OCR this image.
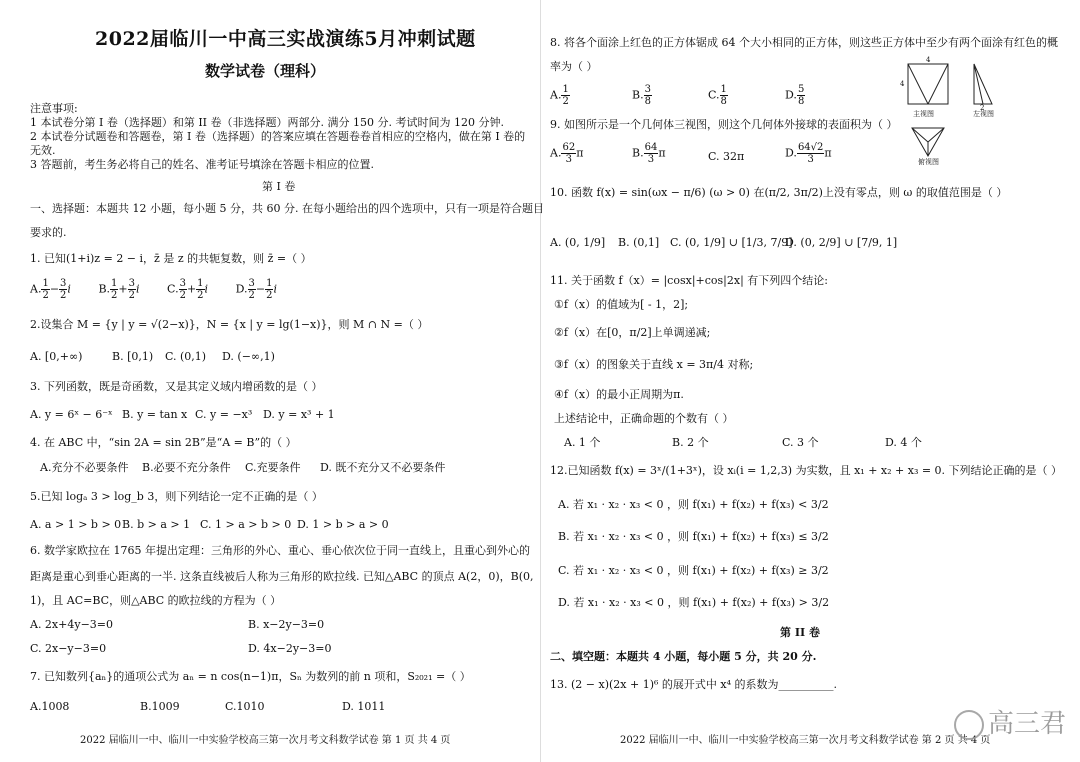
2022届临川一中高三实战演练5月冲刺试题
数学试卷（理科）
注意事项:
1 本试卷分第 I 卷（选择题）和第 II 卷（非选择题）两部分. 满分 150 分. 考试时间为 120 分钟.
2 本试卷分试题卷和答题卷，第 I 卷（选择题）的答案应填在答题卷卷首相应的空格内，做在第 I 卷的
无效.
3 答题前，考生务必将自己的姓名、准考证号填涂在答题卡相应的位置.
第 I 卷
一、选择题：本题共 12 小题，每小题 5 分，共 60 分. 在每小题给出的四个选项中，只有一项是符合题目
要求的.
1. 已知(1+i)z = 2 − i，z̄ 是 z 的共轭复数，则 z̄ =（ ）
A. $\frac{1}{2} - \frac{3}{2}$ i	B. $\frac{1}{2} + \frac{3}{2}$ i	C. $\frac{3}{2} + \frac{1}{2}$ i	D. $\frac{3}{2} - \frac{1}{2}$ i
2.设集合 M = {y | y = √(2−x)}，N = {x | y = lg(1−x)}，则 M ∩ N =（ ）
A. [0,+∞)	B. [0,1) C. (0,1) D. (−∞,1)
3. 下列函数，既是奇函数，又是其定义域内增函数的是（ ）
A. y = 6ˣ − 6⁻ˣ B. y = tan x C. y = −x³ D. y = x³ + 1
4. 在 ABC 中，“sin 2A = sin 2B”是“A = B”的（ ）
A.充分不必要条件 B.必要不充分条件 C.充要条件 D. 既不充分又不必要条件
5.已知 logₐ 3 > log_b 3，则下列结论一定不正确的是（ ）
A. a > 1 > b > 0 B. b > a > 1 C. 1 > a > b > 0 D. 1 > b > a > 0
6. 数学家欧拉在 1765 年提出定理：三角形的外心、重心、垂心依次位于同一直线上，且重心到外心的
距离是重心到垂心距离的一半. 这条直线被后人称为三角形的欧拉线. 已知△ABC 的顶点 A(2，0)，B(0,
1)，且 AC=BC，则△ABC 的欧拉线的方程为（ ）
A. 2x+4y−3=0	B. x−2y−3=0
C. 2x−y−3=0	D. 4x−2y−3=0
7. 已知数列{aₙ}的通项公式为 aₙ = n cos(n−1)π，Sₙ 为数列的前 n 项和，S₂₀₂₁ =（ ）
A.1008	B.1009	C.1010	D. 1011
2022 届临川一中、临川一中实验学校高三第一次月考文科数学试卷 第 1 页 共 4 页
8. 将各个面涂上红色的正方体锯成 64 个大小相同的正方体，则这些正方体中至少有两个面涂有红色的概
率为（ ）
A. $\frac{1}{2}$	B. $\frac{3}{8}$	C. $\frac{1}{8}$	D. $\frac{5}{8}$
9. 如图所示是一个几何体三视图，则这个几何体外接球的表面积为（ ）
A. $\frac{62}{3}$ π	B. $\frac{64}{3}$ π	C. 32π	D. $\frac{64√2}{3}$ π
4
4
2
主视图	左视图
俯视图
10. 函数 f(x) = sin(ωx − π/6) (ω > 0) 在(π/2, 3π/2)上没有零点，则 ω 的取值范围是（ ）
A. (0, 1/9] B. (0,1] C. (0, 1/9] ∪ [1/3, 7/9]
D. (0, 2/9] ∪ [7/9, 1]
11. 关于函数 f（x）= |cosx|+cos|2x| 有下列四个结论:
①f（x）的值域为[ - 1，2];
②f（x）在[0，π/2]上单调递减;
③f（x）的图象关于直线 x = 3π/4 对称;
④f（x）的最小正周期为π.
上述结论中，正确命题的个数有（ ）
A. 1 个	B. 2 个	C. 3 个	D. 4 个
12.已知函数 f(x) = 3ˣ/(1+3ˣ)，设 xᵢ(i = 1,2,3) 为实数，且 x₁ + x₂ + x₃ = 0. 下列结论正确的是（ ）
A. 若 x₁ · x₂ · x₃ < 0 ，则 f(x₁) + f(x₂) + f(x₃) < 3/2
B. 若 x₁ · x₂ · x₃ < 0 ，则 f(x₁) + f(x₂) + f(x₃) ≤ 3/2
C. 若 x₁ · x₂ · x₃ < 0 ，则 f(x₁) + f(x₂) + f(x₃) ≥ 3/2
D. 若 x₁ · x₂ · x₃ < 0 ，则 f(x₁) + f(x₂) + f(x₃) > 3/2
第 II 卷
二、填空题：本题共 4 小题，每小题 5 分，共 20 分.
13. (2 − x)(2x + 1)⁶ 的展开式中 x⁴ 的系数为__________.
2022 届临川一中、临川一中实验学校高三第一次月考文科数学试卷 第 2 页 共 4 页
高三君
